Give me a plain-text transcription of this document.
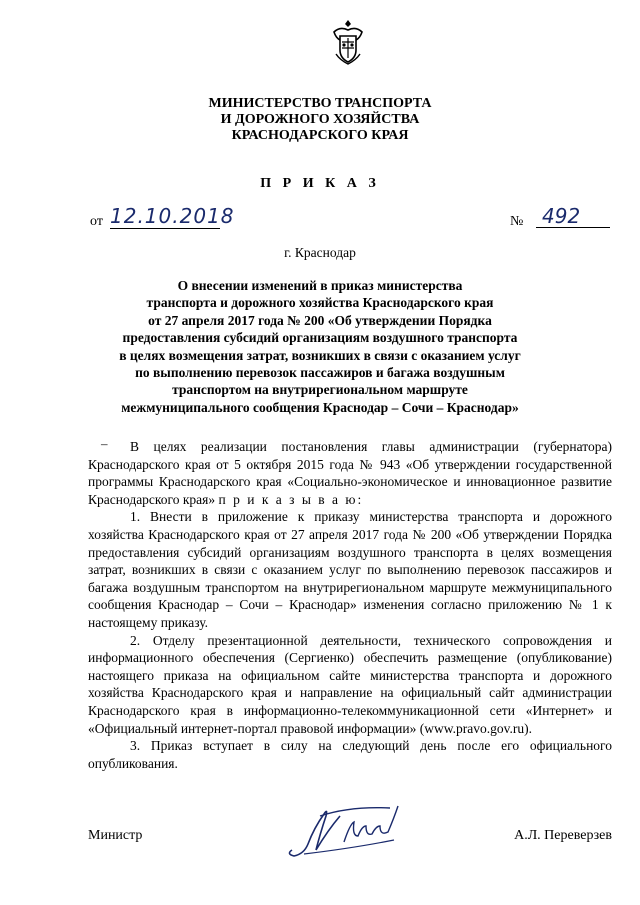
МИНИСТЕРСТВО ТРАНСПОРТА
И ДОРОЖНОГО ХОЗЯЙСТВА
КРАСНОДАРСКОГО КРАЯ
П Р И К А З
от 12.10.2018	№ 492
г. Краснодар
О внесении изменений в приказ министерства
транспорта и дорожного хозяйства Краснодарского края
от 27 апреля 2017 года № 200 «Об утверждении Порядка
предоставления субсидий организациям воздушного транспорта
в целях возмещения затрат, возникших в связи с оказанием услуг
по выполнению перевозок пассажиров и багажа воздушным
транспортом на внутрирегиональном маршруте
межмуниципального сообщения Краснодар – Сочи – Краснодар»
–	В целях реализации постановления главы администрации (губернатора) Краснодарского края от 5 октября 2015 года № 943 «Об утверждении государственной программы Краснодарского края «Социально-экономическое и инновационное развитие Краснодарского края» п р и к а з ы в а ю:

1. Внести в приложение к приказу министерства транспорта и дорожного хозяйства Краснодарского края от 27 апреля 2017 года № 200 «Об утверждении Порядка предоставления субсидий организациям воздушного транспорта в целях возмещения затрат, возникших в связи с оказанием услуг по выполнению перевозок пассажиров и багажа воздушным транспортом на внутрирегиональном маршруте межмуниципального сообщения Краснодар – Сочи – Краснодар» изменения согласно приложению № 1 к настоящему приказу.

2. Отделу презентационной деятельности, технического сопровождения и информационного обеспечения (Сергиенко) обеспечить размещение (опубликование) настоящего приказа на официальном сайте министерства транспорта и дорожного хозяйства Краснодарского края и направление на официальный сайт администрации Краснодарского края в информационно-телекоммуникационной сети «Интернет» и «Официальный интернет-портал правовой информации» (www.pravo.gov.ru).

3. Приказ вступает в силу на следующий день после его официального опубликования.

Министр	А.Л. Переверзев
